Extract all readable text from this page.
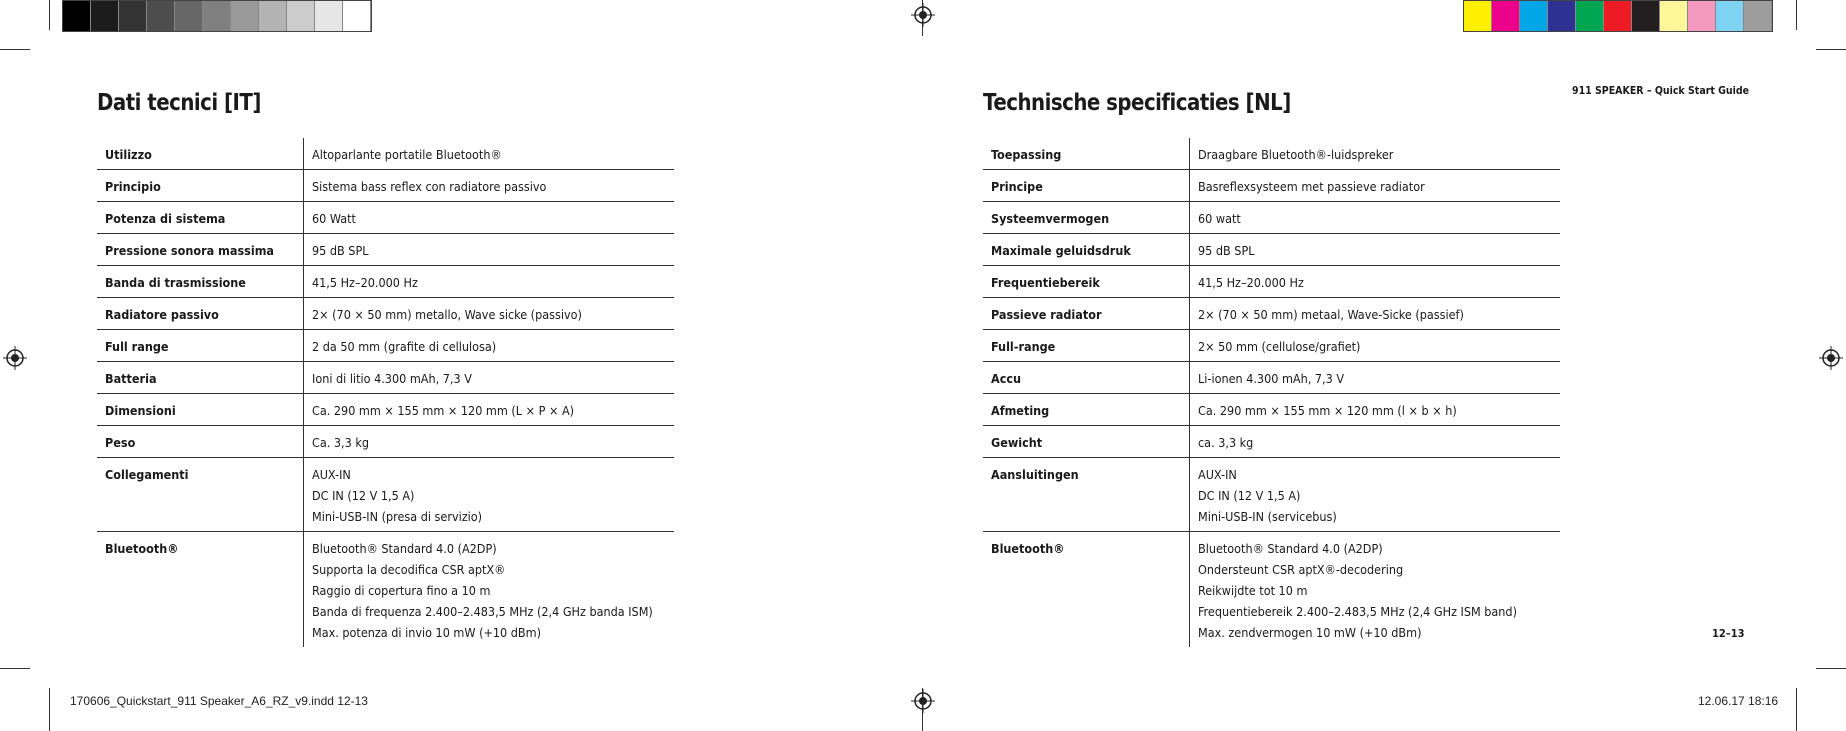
Dati tecnici [IT]	Technische specificaties [NL]	911 SPEAKER – Quick Start Guide
Utilizzo	Altoparlante portatile Bluetooth®

Principio	Sistema bass reflex con radiatore passivo

Potenza di sistema	60 Watt

Pressione sonora massima	95 dB SPL

Banda di trasmissione	41,5 Hz–20.000 Hz

Radiatore passivo	2× (70 × 50 mm) metallo, Wave sicke (passivo)

Full range	2 da 50 mm (grafite di cellulosa)

Batteria	Ioni di litio 4.300 mAh, 7,3 V

Dimensioni	Ca. 290 mm × 155 mm × 120 mm (L × P × A)

Peso	Ca. 3,3 kg

Collegamenti	AUX-IN
DC IN (12 V 1,5 A)
Mini-USB-IN (presa di servizio)

Bluetooth®	Bluetooth® Standard 4.0 (A2DP)
Supporta la decodifica CSR aptX®
Raggio di copertura fino a 10 m
Banda di frequenza 2.400–2.483,5 MHz (2,4 GHz banda ISM)
Max. potenza di invio 10 mW (+10 dBm)
Toepassing	Draagbare Bluetooth®-luidspreker

Principe	Basreflexsysteem met passieve radiator

Systeemvermogen	60 watt

Maximale geluidsdruk	95 dB SPL

Frequentiebereik	41,5 Hz–20.000 Hz

Passieve radiator	2× (70 × 50 mm) metaal, Wave-Sicke (passief)

Full-range	2× 50 mm (cellulose/grafiet)

Accu	Li-ionen 4.300 mAh, 7,3 V

Afmeting	Ca. 290 mm × 155 mm × 120 mm (l × b × h)

Gewicht	ca. 3,3 kg

Aansluitingen	AUX-IN
DC IN (12 V 1,5 A)
Mini-USB-IN (servicebus)

Bluetooth®	Bluetooth® Standard 4.0 (A2DP)
Ondersteunt CSR aptX®-decodering
Reikwijdte tot 10 m
Frequentiebereik 2.400–2.483,5 MHz (2,4 GHz ISM band)
Max. zendvermogen 10 mW (+10 dBm)	12–13
170606_Quickstart_911 Speaker_A6_RZ_v9.indd 12-13	12.06.17 18:16
